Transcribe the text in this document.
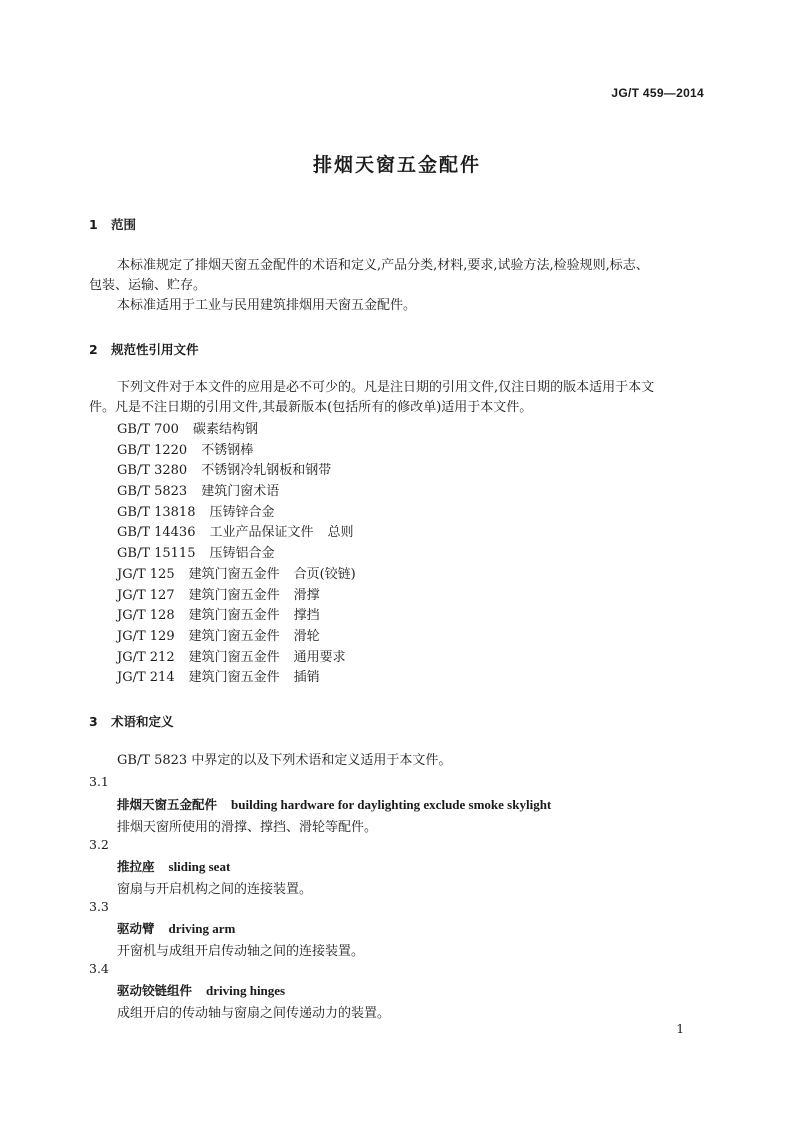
JG/T 459—2014
排烟天窗五金配件
1 范围
本标准规定了排烟天窗五金配件的术语和定义,产品分类,材料,要求,试验方法,检验规则,标志、
包装、运输、贮存。
本标准适用于工业与民用建筑排烟用天窗五金配件。
2 规范性引用文件
下列文件对于本文件的应用是必不可少的。凡是注日期的引用文件,仅注日期的版本适用于本文
件。凡是不注日期的引用文件,其最新版本(包括所有的修改单)适用于本文件。
GB/T 700 碳素结构钢
GB/T 1220 不锈钢棒
GB/T 3280 不锈钢冷轧钢板和钢带
GB/T 5823 建筑门窗术语
GB/T 13818 压铸锌合金
GB/T 14436 工业产品保证文件 总则
GB/T 15115 压铸铝合金
JG/T 125 建筑门窗五金件 合页(铰链)
JG/T 127 建筑门窗五金件 滑撑
JG/T 128 建筑门窗五金件 撑挡
JG/T 129 建筑门窗五金件 滑轮
JG/T 212 建筑门窗五金件 通用要求
JG/T 214 建筑门窗五金件 插销
3 术语和定义
GB/T 5823 中界定的以及下列术语和定义适用于本文件。
3.1
排烟天窗五金配件 building hardware for daylighting exclude smoke skylight
排烟天窗所使用的滑撑、撑挡、滑轮等配件。
3.2
推拉座 sliding seat
窗扇与开启机构之间的连接装置。
3.3
驱动臂 driving arm
开窗机与成组开启传动轴之间的连接装置。
3.4
驱动铰链组件 driving hinges
成组开启的传动轴与窗扇之间传递动力的装置。
1
